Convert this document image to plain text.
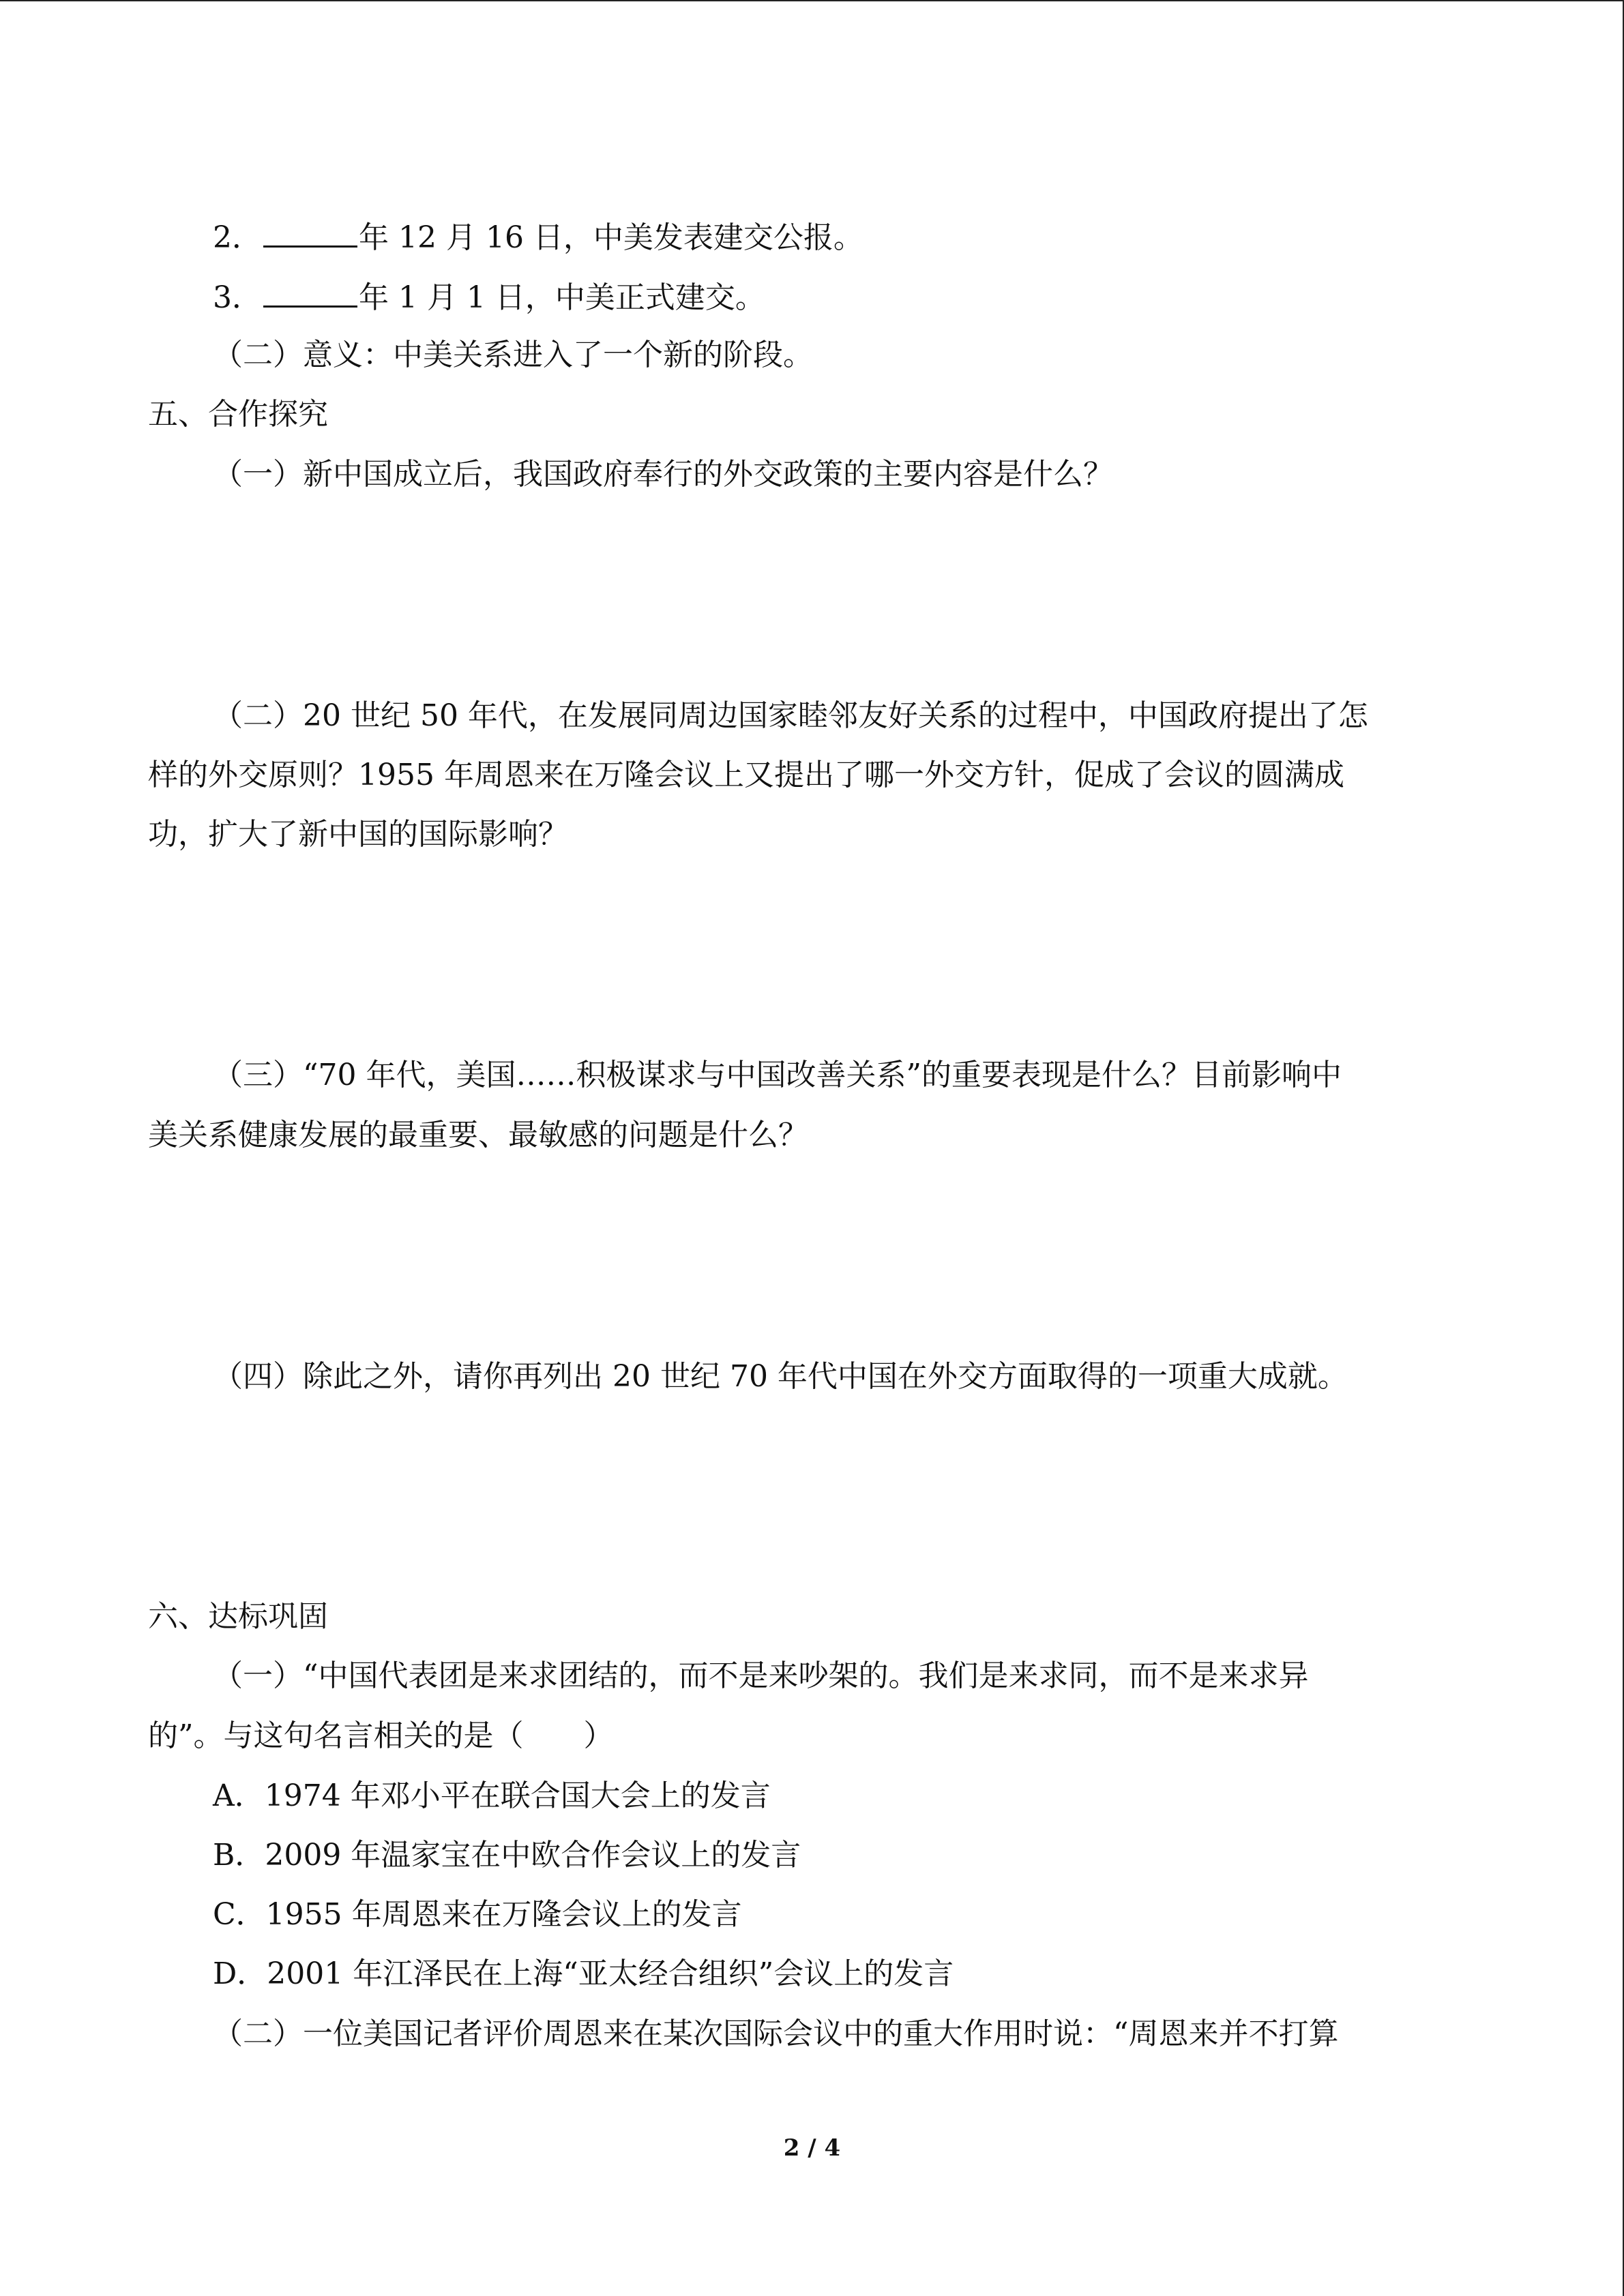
2．	年 12 月 16 日，中美发表建交公报。
3．	年 1 月 1 日，中美正式建交。
（二）意义：中美关系进入了一个新的阶段。
五、合作探究
（一）新中国成立后，我国政府奉行的外交政策的主要内容是什么？
（二）20 世纪 50 年代，在发展同周边国家睦邻友好关系的过程中，中国政府提出了怎
样的外交原则？1955 年周恩来在万隆会议上又提出了哪一外交方针，促成了会议的圆满成
功，扩大了新中国的国际影响？
（三）“70 年代，美国……积极谋求与中国改善关系”的重要表现是什么？目前影响中
美关系健康发展的最重要、最敏感的问题是什么？
（四）除此之外，请你再列出 20 世纪 70 年代中国在外交方面取得的一项重大成就。
六、达标巩固
（一）“中国代表团是来求团结的，而不是来吵架的。我们是来求同，而不是来求异
的”。与这句名言相关的是（　　）
A．1974 年邓小平在联合国大会上的发言
B．2009 年温家宝在中欧合作会议上的发言
C．1955 年周恩来在万隆会议上的发言
D．2001 年江泽民在上海“亚太经合组织”会议上的发言
（二）一位美国记者评价周恩来在某次国际会议中的重大作用时说：“周恩来并不打算
2 / 4
